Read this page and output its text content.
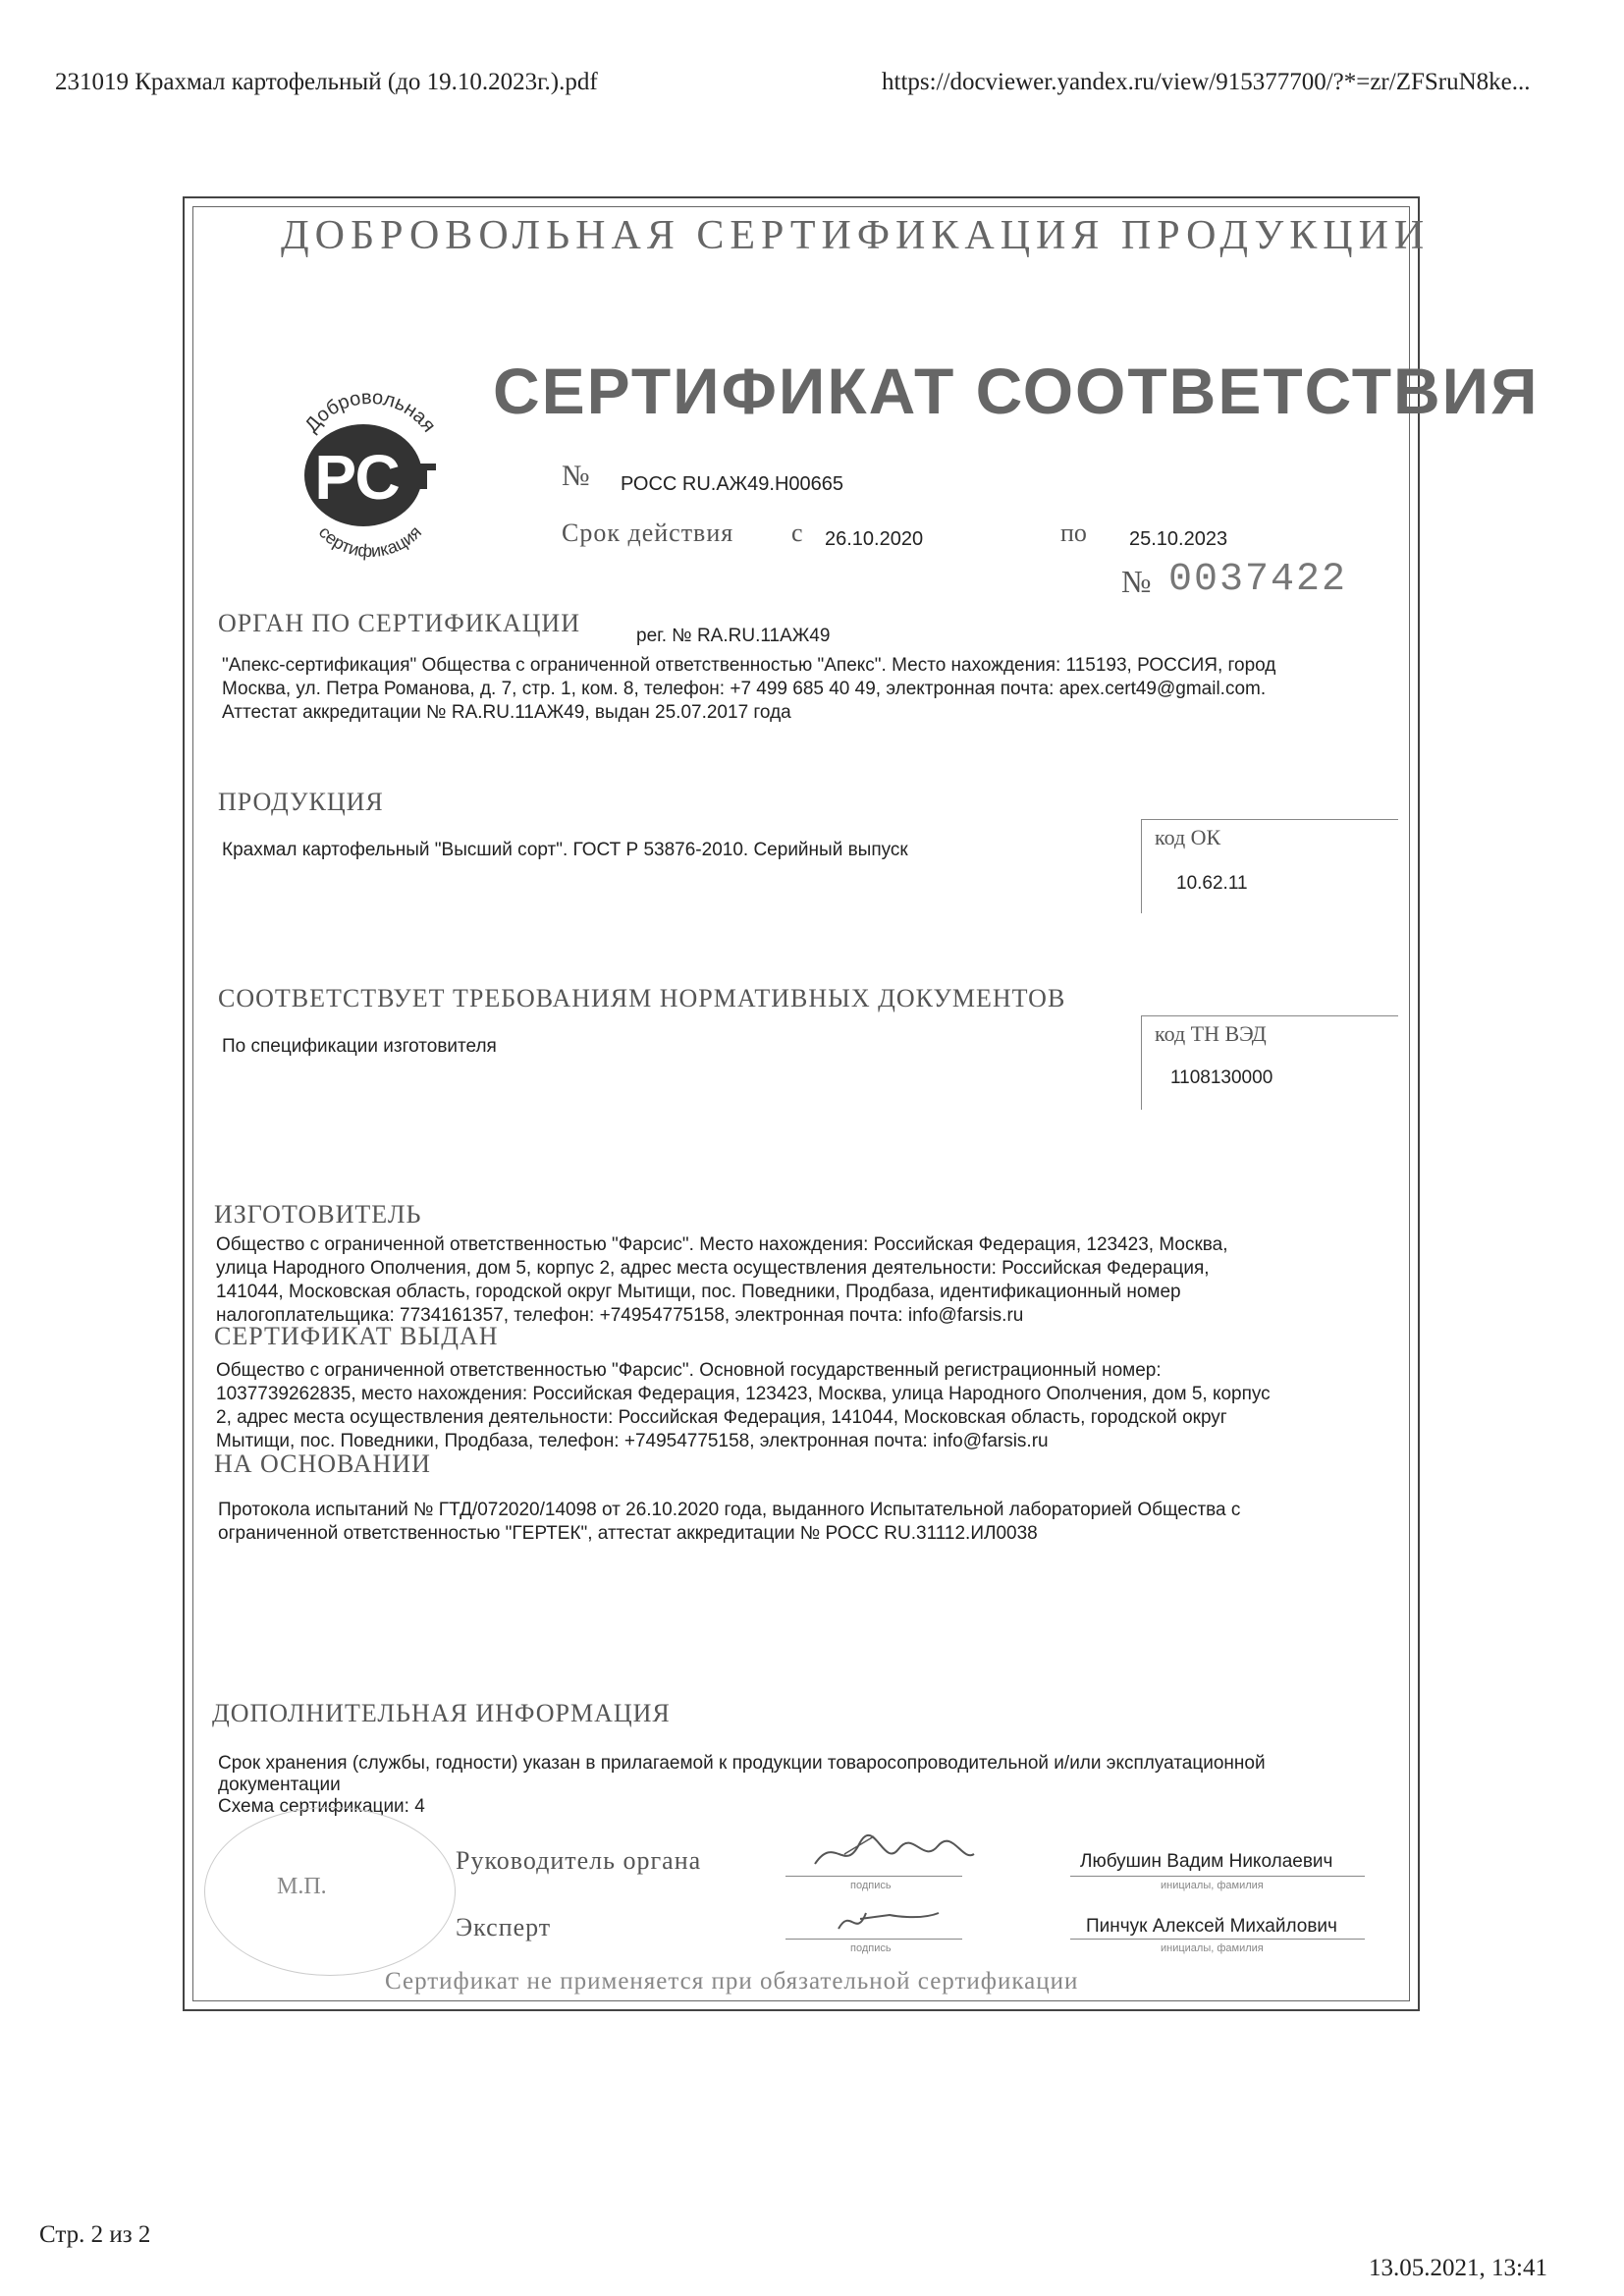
231019 Крахмал картофельный (до 19.10.2023г.).pdf	https://docviewer.yandex.ru/view/915377700/?*=zr/ZFSruN8ke...
ДОБРОВОЛЬНАЯ СЕРТИФИКАЦИЯ ПРОДУКЦИИ
Добровольная
сертификация
РС
СЕРТИФИКАТ СООТВЕТСТВИЯ
№ РОСС RU.АЖ49.Н00665
Срок действия с 26.10.2020	по 25.10.2023
№ 0037422
ОРГАН ПО СЕРТИФИКАЦИИ	рег. № RA.RU.11АЖ49
"Апекс-сертификация" Общества с ограниченной ответственностью "Апекс". Место нахождения: 115193, РОССИЯ, город
Москва, ул. Петра Романова, д. 7, стр. 1, ком. 8, телефон: +7 499 685 40 49, электронная почта: apex.cert49@gmail.com.
Аттестат аккредитации № RA.RU.11АЖ49, выдан 25.07.2017 года
ПРОДУКЦИЯ
Крахмал картофельный "Высший сорт". ГОСТ Р 53876-2010. Серийный выпуск
код ОК
10.62.11
СООТВЕТСТВУЕТ ТРЕБОВАНИЯМ НОРМАТИВНЫХ ДОКУМЕНТОВ
По спецификации изготовителя
код ТН ВЭД
1108130000
ИЗГОТОВИТЕЛЬ
Общество с ограниченной ответственностью "Фарсис". Место нахождения: Российская Федерация, 123423, Москва,
улица Народного Ополчения, дом 5, корпус 2, адрес места осуществления деятельности: Российская Федерация,
141044, Московская область, городской округ Мытищи, пос. Поведники, Продбаза, идентификационный номер
налогоплательщика: 7734161357, телефон: +74954775158, электронная почта: info@farsis.ru
СЕРТИФИКАТ ВЫДАН
Общество с ограниченной ответственностью "Фарсис". Основной государственный регистрационный номер:
1037739262835, место нахождения: Российская Федерация, 123423, Москва, улица Народного Ополчения, дом 5, корпус
2, адрес места осуществления деятельности: Российская Федерация, 141044, Московская область, городской округ
Мытищи, пос. Поведники, Продбаза, телефон: +74954775158, электронная почта: info@farsis.ru
НА ОСНОВАНИИ
Протокола испытаний № ГТД/072020/14098 от 26.10.2020 года, выданного Испытательной лабораторией Общества с
ограниченной ответственностью "ГЕРТЕК", аттестат аккредитации № РОСС RU.31112.ИЛ0038
ДОПОЛНИТЕЛЬНАЯ ИНФОРМАЦИЯ
Срок хранения (службы, годности) указан в прилагаемой к продукции товаросопроводительной и/или эксплуатационной
документации
Схема сертификации: 4
М.П.
Руководитель органа
подпись
Любушин Вадим Николаевич
инициалы, фамилия
Эксперт
подпись
Пинчук Алексей Михайлович
инициалы, фамилия
Сертификат не применяется при обязательной сертификации
Стр. 2 из 2
13.05.2021, 13:41
